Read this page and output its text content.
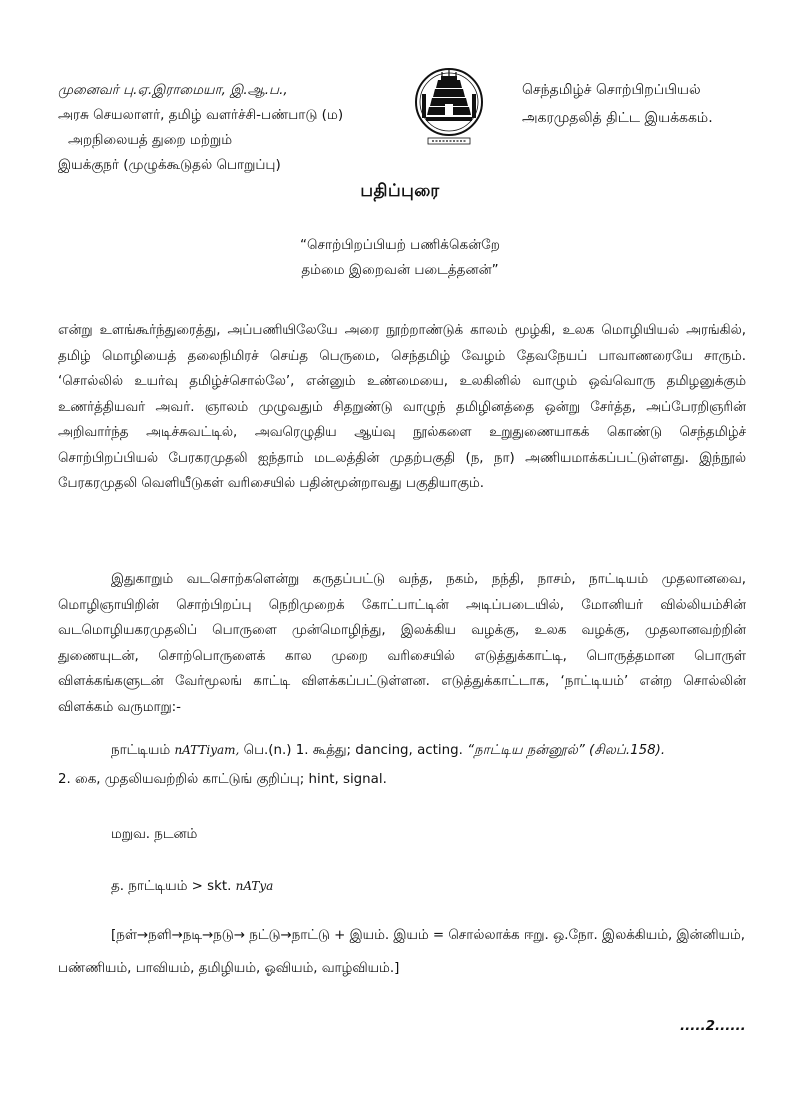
முனைவர் பு.ஏ.இராமையா, இ.ஆ.ப.,
அரசு செயலாளர், தமிழ் வளர்ச்சி-பண்பாடு (ம)
அறநிலையத் துறை மற்றும்
இயக்குநர் (முழுக்கூடுதல் பொறுப்பு)
செந்தமிழ்ச் சொற்பிறப்பியல்
அகரமுதலித் திட்ட இயக்ககம்.
பதிப்புரை
“சொற்பிறப்பியற் பணிக்கென்றே
தம்மை இறைவன் படைத்தனன்”

என்று உளங்கூர்ந்துரைத்து, அப்பணியிலேயே அரை நூற்றாண்டுக் காலம் மூழ்கி, உலக மொழியியல் அரங்கில், தமிழ் மொழியைத் தலைநிமிரச் செய்த பெருமை, செந்தமிழ் வேழம் தேவநேயப் பாவாணரையே சாரும். ‘சொல்லில் உயர்வு தமிழ்ச்சொல்லே’, என்னும் உண்மையை, உலகினில் வாழும் ஒவ்வொரு தமிழனுக்கும் உணர்த்தியவர் அவர். ஞாலம் முழுவதும் சிதறுண்டு வாழுந் தமிழினத்தை ஒன்று சேர்த்த, அப்பேரறிஞரின் அறிவார்ந்த அடிச்சுவட்டில், அவரெழுதிய ஆய்வு நூல்களை உறுதுணையாகக் கொண்டு செந்தமிழ்ச் சொற்பிறப்பியல் பேரகரமுதலி ஐந்தாம் மடலத்தின் முதற்பகுதி (ந, நா) அணியமாக்கப்பட்டுள்ளது. இந்நூல் பேரகரமுதலி வெளியீடுகள் வரிசையில் பதின்மூன்றாவது பகுதியாகும்.

இதுகாறும் வடசொற்களென்று கருதப்பட்டு வந்த, நகம், நந்தி, நாசம், நாட்டியம் முதலானவை, மொழிஞாயிறின் சொற்பிறப்பு நெறிமுறைக் கோட்பாட்டின் அடிப்படையில், மோனியர் வில்லியம்சின் வடமொழியகரமுதலிப் பொருளை முன்மொழிந்து, இலக்கிய வழக்கு, உலக வழக்கு, முதலானவற்றின் துணையுடன், சொற்பொருளைக் கால முறை வரிசையில் எடுத்துக்காட்டி, பொருத்தமான பொருள் விளக்கங்களுடன் வேர்மூலங் காட்டி விளக்கப்பட்டுள்ளன. எடுத்துக்காட்டாக, ‘நாட்டியம்’ என்ற சொல்லின் விளக்கம் வருமாறு:-

நாட்டியம் nATTiyam, பெ.(n.) 1. கூத்து; dancing, acting. “நாட்டிய நன்னூல்” (சிலப்.158).
2. கை, முதலியவற்றில் காட்டுங் குறிப்பு; hint, signal.

மறுவ. நடனம்

த. நாட்டியம் > skt. nATya

[நள்→நளி→நடி→நடு→ நட்டு→நாட்டு + இயம். இயம் = சொல்லாக்க ஈறு. ஒ.நோ. இலக்கியம், இன்னியம், பண்ணியம், பாவியம், தமிழியம், ஓவியம், வாழ்வியம்.]

.....2......
